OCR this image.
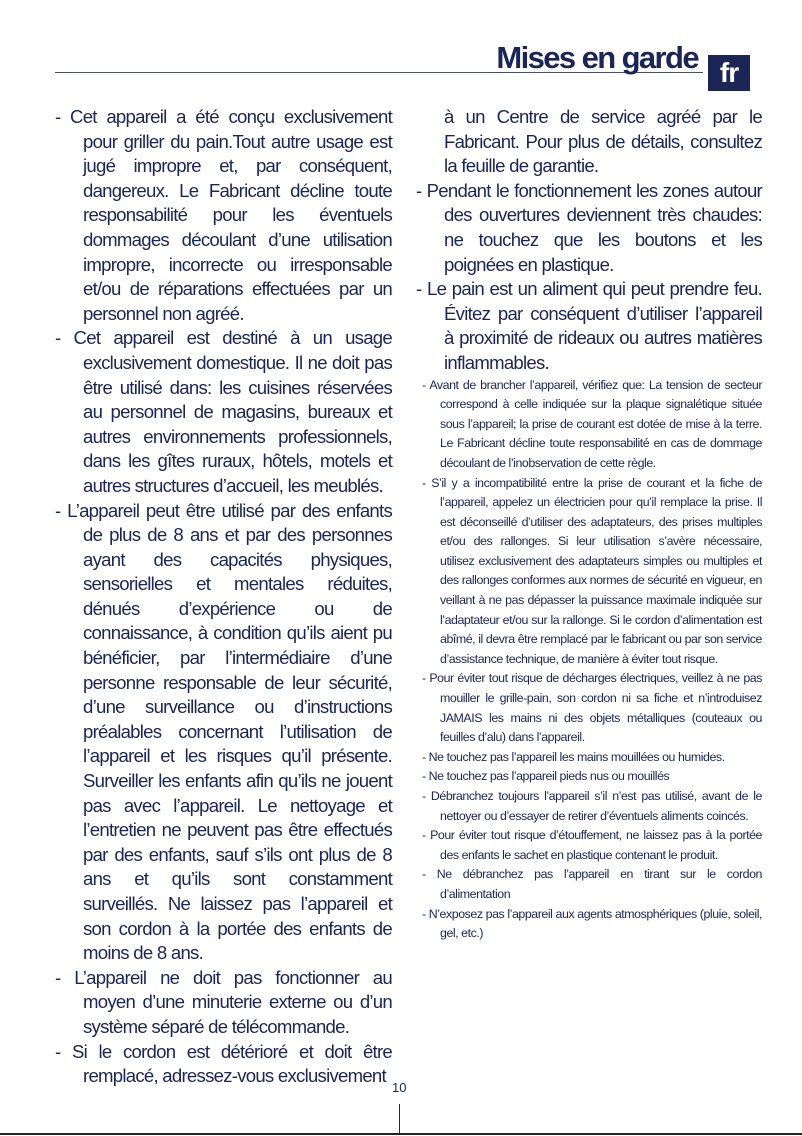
Mises en garde fr

- Cet appareil a été conçu exclusivement pour griller du pain.Tout autre usage est jugé impropre et, par conséquent, dangereux. Le Fabricant décline toute responsabilité pour les éventuels dommages découlant d’une utilisation impropre, incorrecte ou irresponsable et/ou de réparations effectuées par un personnel non agréé.

- Cet appareil est destiné à un usage exclusivement domestique. Il ne doit pas être utilisé dans: les cuisines réservées au personnel de magasins, bureaux et autres environnements professionnels, dans les gîtes ruraux, hôtels, motels et autres structures d’accueil, les meublés.

- L’appareil peut être utilisé par des enfants de plus de 8 ans et par des personnes ayant des capacités physiques, sensorielles et mentales réduites, dénués d’expérience ou de connaissance, à condition qu’ils aient pu bénéficier, par l’intermédiaire d’une personne responsable de leur sécurité, d’une surveillance ou d’instructions préalables concernant l’utilisation de l’appareil et les risques qu’il présente. Surveiller les enfants afin qu’ils ne jouent pas avec l’appareil. Le nettoyage et l’entretien ne peuvent pas être effectués par des enfants, sauf s’ils ont plus de 8 ans et qu’ils sont constamment surveillés. Ne laissez pas l’appareil et son cordon à la portée des enfants de moins de 8 ans.

- L’appareil ne doit pas fonctionner au moyen d’une minuterie externe ou d’un système séparé de télécommande.

- Si le cordon est détérioré et doit être remplacé, adressez-vous exclusivement

à un Centre de service agréé par le Fabricant. Pour plus de détails, consultez la feuille de garantie.

- Pendant le fonctionnement les zones autour des ouvertures deviennent très chaudes: ne touchez que les boutons et les poignées en plastique.

- Le pain est un aliment qui peut prendre feu. Évitez par conséquent d’utiliser l’appareil à proximité de rideaux ou autres matières inflammables.

- Avant de brancher l’appareil, vérifiez que: La tension de secteur correspond à celle indiquée sur la plaque signalétique située sous l’appareil; la prise de courant est dotée de mise à la terre. Le Fabricant décline toute responsabilité en cas de dommage découlant de l’inobservation de cette règle.

- S’il y a incompatibilité entre la prise de courant et la fiche de l’appareil, appelez un électricien pour qu’il remplace la prise. Il est déconseillé d’utiliser des adaptateurs, des prises multiples et/ou des rallonges. Si leur utilisation s’avère nécessaire, utilisez exclusivement des adaptateurs simples ou multiples et des rallonges conformes aux normes de sécurité en vigueur, en veillant à ne pas dépasser la puissance maximale indiquée sur l’adaptateur et/ou sur la rallonge. Si le cordon d’alimentation est abîmé, il devra être remplacé par le fabricant ou par son service d’assistance technique, de manière à éviter tout risque.

- Pour éviter tout risque de décharges électriques, veillez à ne pas mouiller le grille-pain, son cordon ni sa fiche et n’introduisez JAMAIS les mains ni des objets métalliques (couteaux ou feuilles d’alu) dans l’appareil.

- Ne touchez pas l’appareil les mains mouillées ou humides.

- Ne touchez pas l’appareil pieds nus ou mouillés

- Débranchez toujours l’appareil s’il n’est pas utilisé, avant de le nettoyer ou d’essayer de retirer d’éventuels aliments coincés.

- Pour éviter tout risque d’étouffement, ne laissez pas à la portée des enfants le sachet en plastique contenant le produit.

- Ne débranchez pas l’appareil en tirant sur le cordon d’alimentation

- N’exposez pas l’appareil aux agents atmosphériques (pluie, soleil, gel, etc.)

10
